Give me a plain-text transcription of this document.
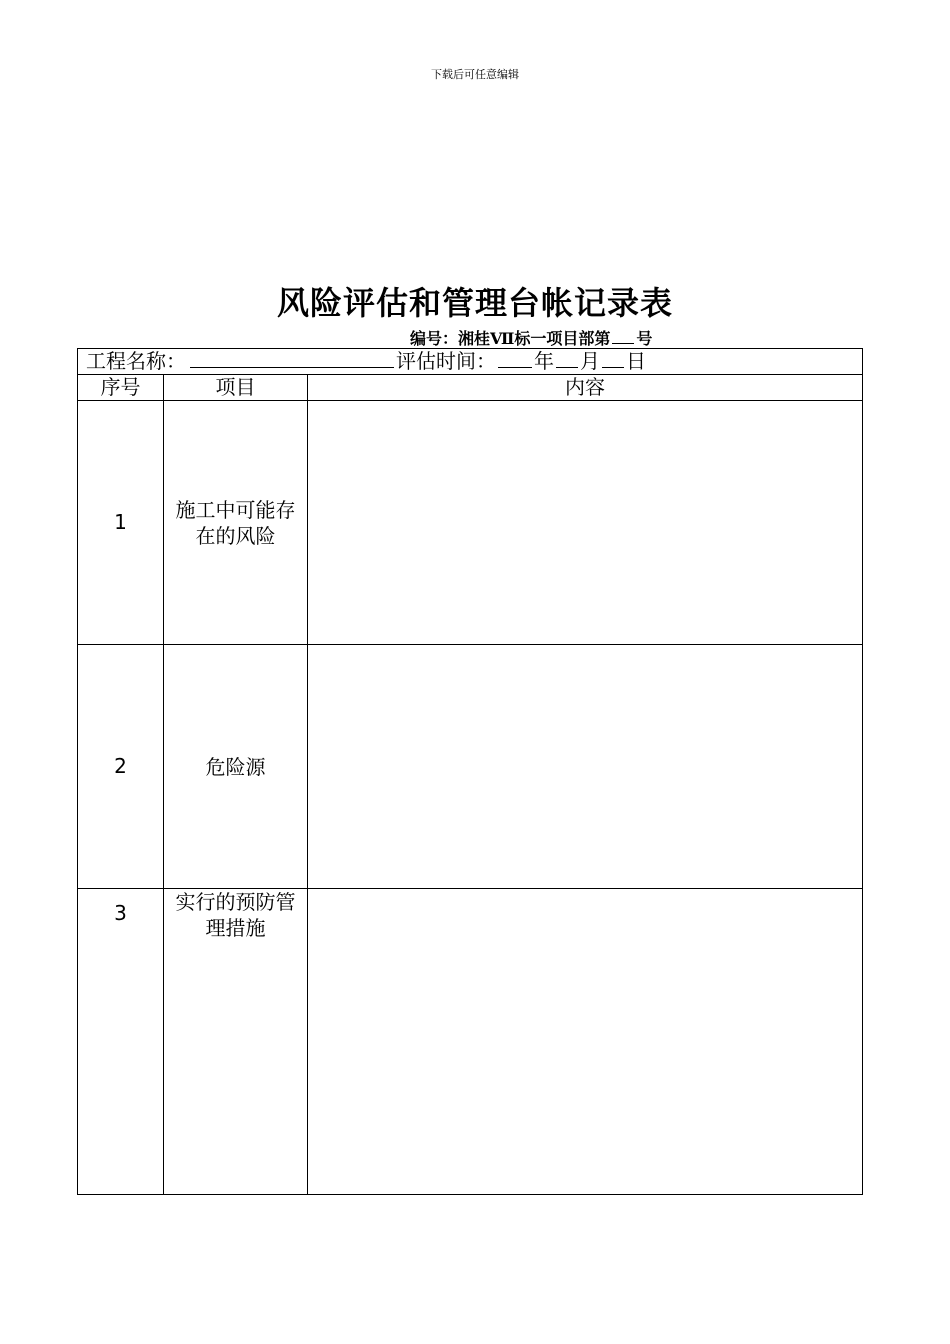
下载后可任意编辑
风险评估和管理台帐记录表
编号：湘桂Ⅶ标一项目部第 号
工程名称： 评估时间： 年 月 日		
序号	项目	内容
1	施工中可能存在的风险	
2	危险源	
3	实行的预防管理措施	
